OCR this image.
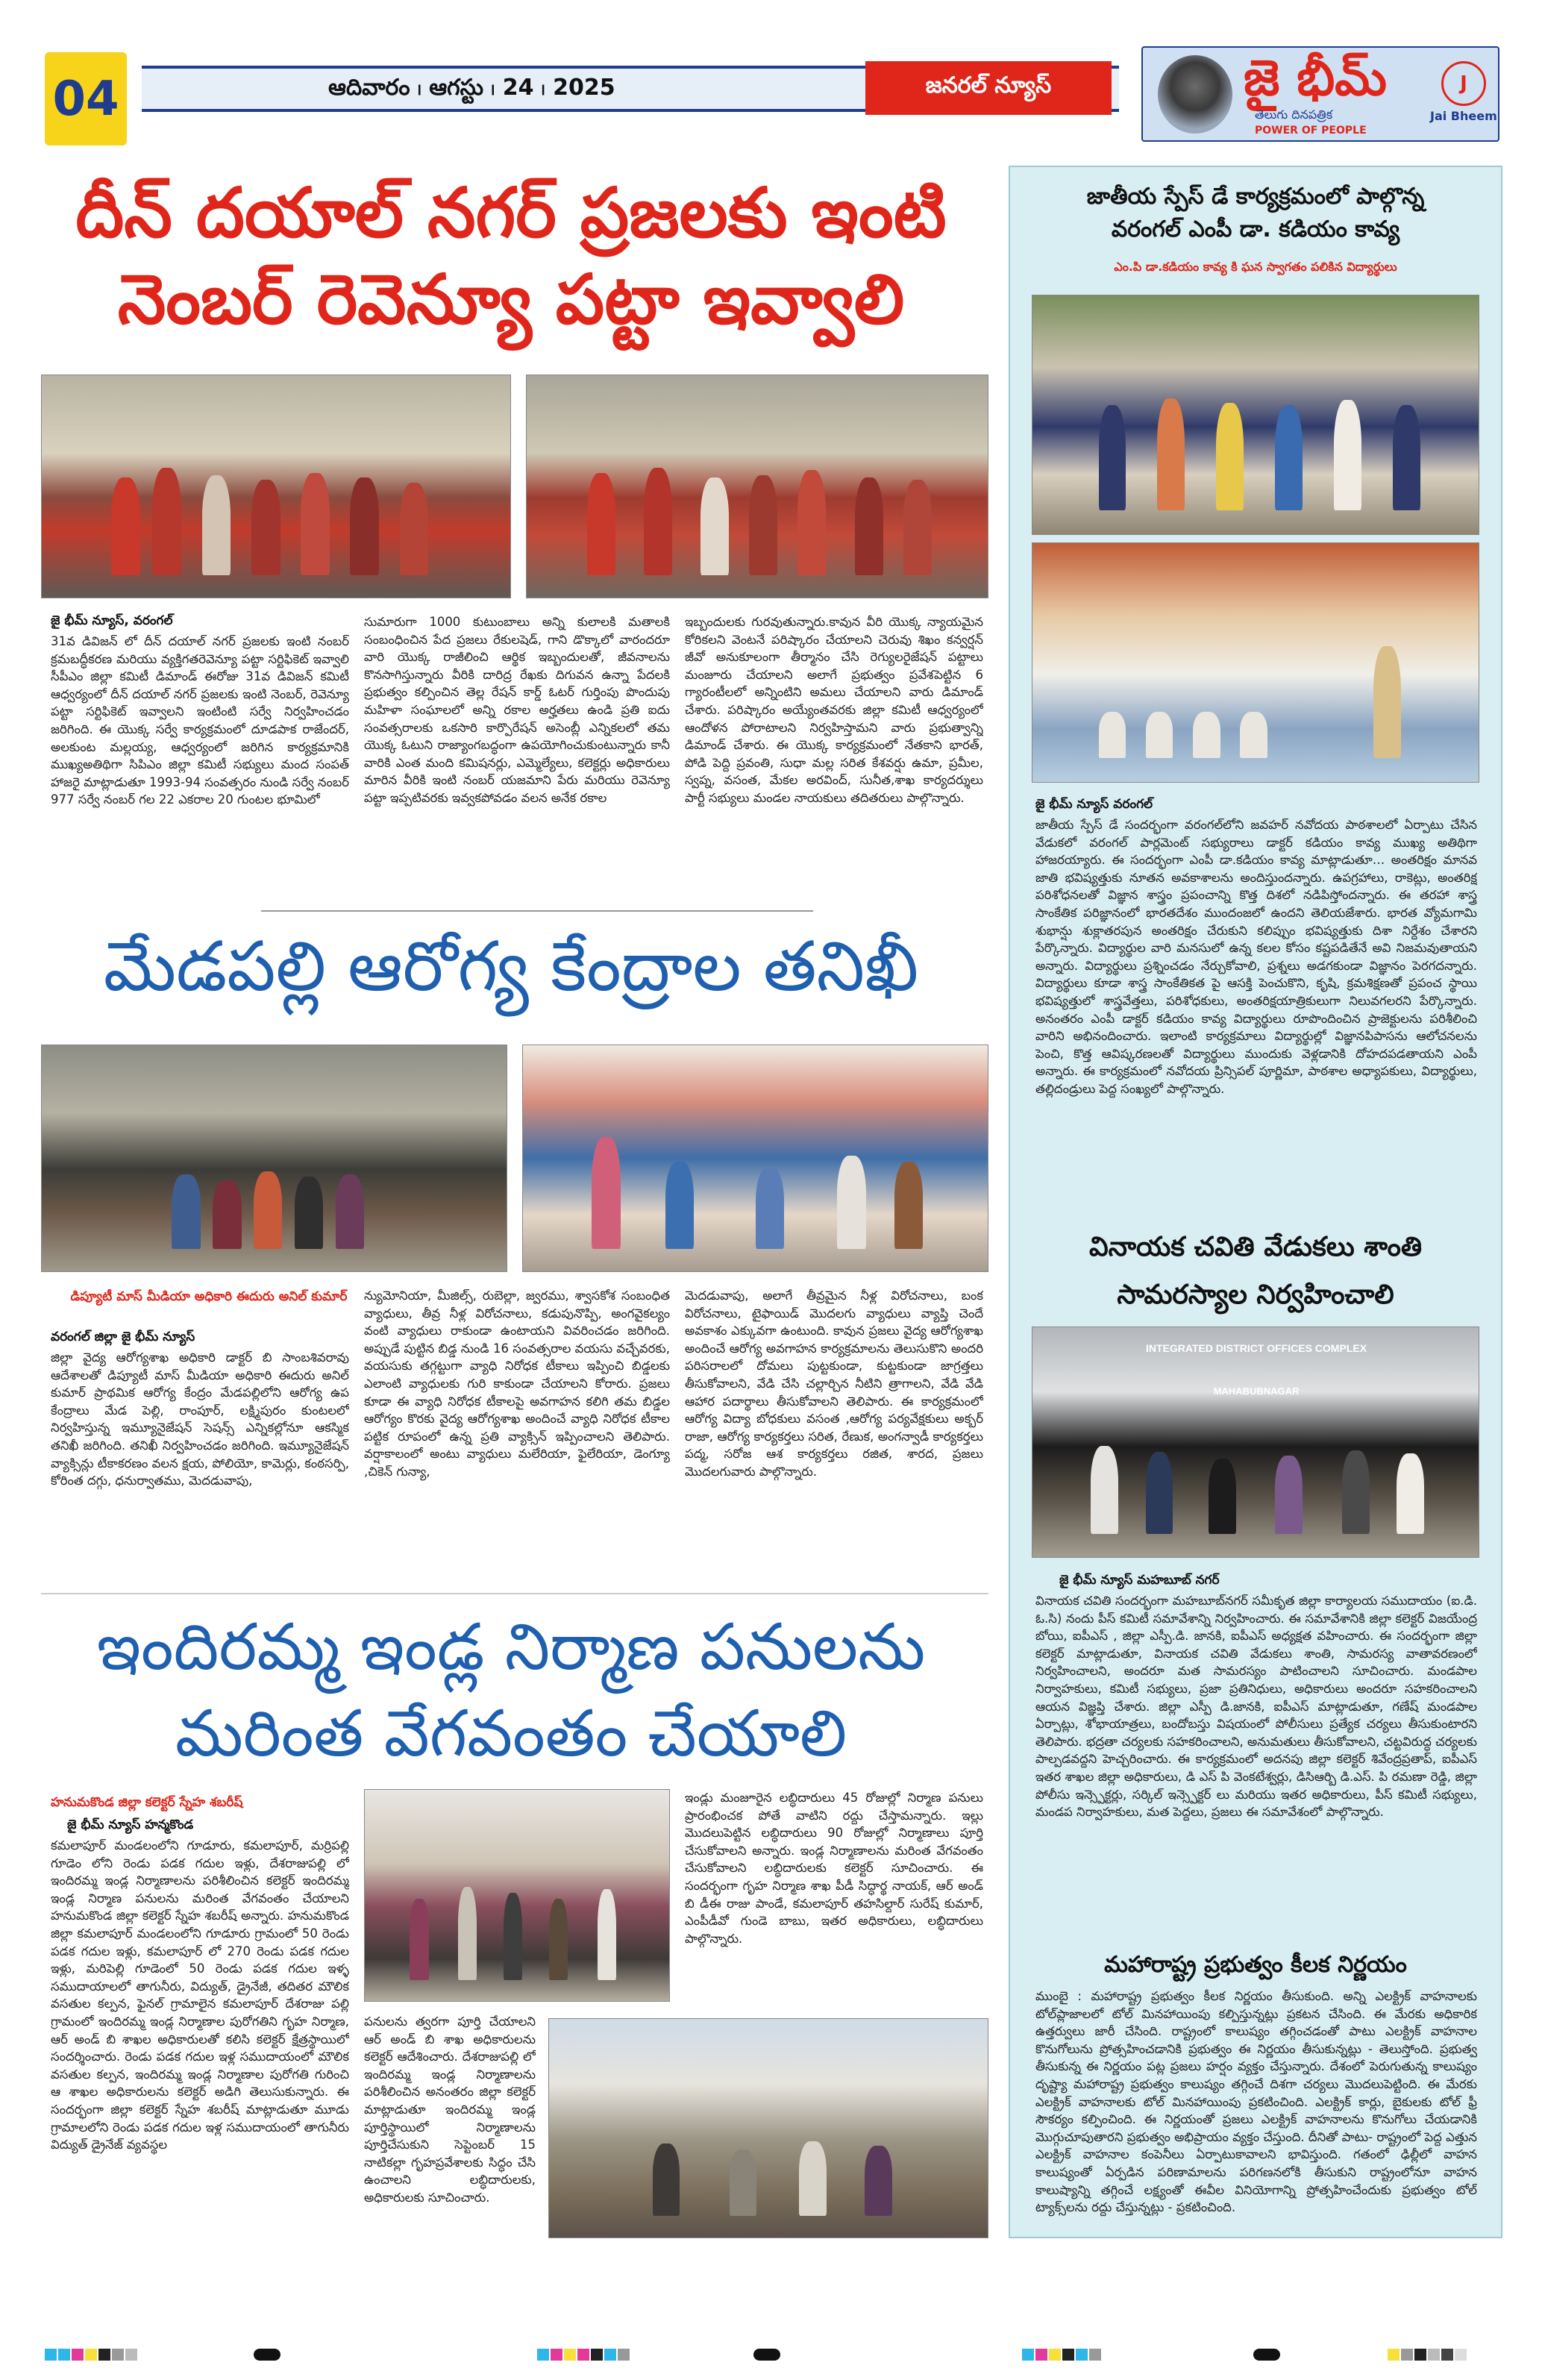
04	ఆదివారం ၊ ఆగస్టు ၊ 24 ၊ 2025	జనరల్ న్యూస్	జై భీమ్
తెలుగు దినపత్రిక
POWER OF PEOPLE
J
Jai Bheem
దీన్ దయాల్ నగర్ ప్రజలకు ఇంటి
నెంబర్ రెవెన్యూ పట్టా ఇవ్వాలి
జై భీమ్ న్యూస్, వరంగల్
31వ డివిజన్ లో దీన్ దయాల్ నగర్ ప్రజలకు ఇంటి నంబర్ క్రమబద్ధీకరణ మరియు వ్యక్తిగతరెవెన్యూ పట్టా సర్టిఫికెట్ ఇవ్వాలి సీపీఎం జిల్లా కమిటీ డిమాండ్ ఈరోజు 31వ డివిజన్ కమిటీ ఆధ్వర్యంలో దీన్ దయాల్ నగర్ ప్రజలకు ఇంటి నెంబర్, రెవెన్యూ పట్టా సర్టిఫికెట్ ఇవ్వాలని ఇంటింటి సర్వే నిర్వహించడం జరిగింది. ఈ యొక్క సర్వే కార్యక్రమంలో దూడపాక రాజేందర్, అలకుంట మల్లయ్య, ఆధ్వర్యంలో జరిగిన కార్యక్రమానికి ముఖ్యఅతిథిగా సిపిఎం జిల్లా కమిటీ సభ్యులు మంద సంపత్ హాజరై మాట్లాడుతూ 1993-94 సంవత్సరం నుండి సర్వే నంబర్ 977 సర్వే నంబర్ గల 22 ఎకరాల 20 గుంటల భూమిలో
సుమారుగా 1000 కుటుంబాలు అన్ని కులాలకి మతాలకి సంబంధించిన పేద ప్రజలు రేకులషెడ్, గాని డొక్కాలో వారందరూ వారి యొక్క రాజీలించి ఆర్థిక ఇబ్బందులతో, జీవనాలను కొనసాగిస్తున్నారు వీరికి దారిద్ర రేఖకు దిగువన ఉన్నా పేదలకి ప్రభుత్వం కల్పించిన తెల్ల రేషన్ కార్డ్ ఓటర్ గుర్తింపు పొందుపు మహిళా సంఘాలలో అన్ని రకాల అర్హతలు ఉండి ప్రతి ఐదు సంవత్సరాలకు ఒకసారి కార్పొరేషన్ అసెంబ్లీ ఎన్నికలలో తమ యొక్క ఓటుని రాజ్యాంగబద్ధంగా ఉపయోగించుకుంటున్నారు కానీ వారికి ఎంత మంది కమిషనర్లు, ఎమ్మెల్యేలు, కలెక్టర్లు అధికారులు మారిన వీరికి ఇంటి నంబర్ యజమాని పేరు మరియు రెవెన్యూ పట్టా ఇప్పటివరకు ఇవ్వకపోవడం వలన అనేక రకాల
ఇబ్బందులకు గురవుతున్నారు.కావున వీరి యొక్క న్యాయమైన కోరికలని వెంటనే పరిష్కారం చేయాలని చెరువు శిఖం కన్వర్షన్ జీవో అనుకూలంగా తీర్మానం చేసి రెగ్యులరైజేషన్ పట్టాలు మంజూరు చేయాలని అలాగే ప్రభుత్వం ప్రవేశపెట్టిన 6 గ్యారంటీలలో అన్నింటిని అమలు చేయాలని వారు డిమాండ్ చేశారు. పరిష్కారం అయ్యేంతవరకు జిల్లా కమిటీ ఆధ్వర్యంలో ఆందోళన పోరాటాలని నిర్వహిస్తామని వారు ప్రభుత్వాన్ని డిమాండ్ చేశారు. ఈ యొక్క కార్యక్రమంలో నేతకాని భారత్, పోడి పెద్ది ప్రవంతి, సుధా మల్ల సరిత కేశవర్షు ఉమా, ప్రమీల, స్వప్న, వసంత, మేకల అరవింద్, సునీత,శాఖ కార్యదర్శులు పార్టీ సభ్యులు మండల నాయకులు తదితరులు పాల్గొన్నారు.
మేడపల్లి ఆరోగ్య కేంద్రాల తనిఖీ
డిప్యూటీ మాస్ మీడియా అధికారి ఈదురు అనిల్ కుమార్
వరంగల్ జిల్లా జై భీమ్ న్యూస్
జిల్లా వైద్య ఆరోగ్యశాఖ అధికారి డాక్టర్ బి సాంబశివరావు ఆదేశాలతో డిప్యూటీ మాస్ మీడియా అధికారి ఈదురు అనిల్ కుమార్ ప్రాథమిక ఆరోగ్య కేంద్రం మేడపల్లిలోని ఆరోగ్య ఉప కేంద్రాలు మేడ పెల్లి, రాంపూర్, లక్ష్మిపురం కుంటలలో నిర్వహిస్తున్న ఇమ్యూనైజేషన్ సెషన్స్ ఎన్నికల్లోనూ ఆకస్మిక తనిఖీ జరిగింది. తనిఖీ నిర్వహించడం జరిగింది. ఇమ్యూనైజేషన్ వ్యాక్సిన్లు టీకాకరణం వలన క్షయ, పోలియో, కామెర్లు, కంఠసర్పి, కోరింత దగ్గు, ధనుర్వాతము, మెదడువాపు,
న్యుమోనియా, మీజిల్స్, రుబెల్లా, జ్వరము, శ్వాసకోశ సంబంధిత వ్యాధులు, తీవ్ర నీళ్ల విరోచనాలు, కడుపునొప్పి, అంగవైకల్యం వంటి వ్యాధులు రాకుండా ఉంటాయని వివరించడం జరిగింది. అప్పుడే పుట్టిన బిడ్డ నుండి 16 సంవత్సరాల వయసు వచ్చేవరకు, వయసుకు తగ్గట్టుగా వ్యాధి నిరోధక టీకాలు ఇప్పించి బిడ్డలకు ఎలాంటి వ్యాధులకు గురి కాకుండా చేయాలని కోరారు. ప్రజలు కూడా ఈ వ్యాధి నిరోధక టీకాలపై అవగాహన కలిగి తమ బిడ్డల ఆరోగ్యం కొరకు వైద్య ఆరోగ్యశాఖ అందించే వ్యాధి నిరోధక టీకాల పట్టిక రూపంలో ఉన్న ప్రతి వ్యాక్సిన్ ఇప్పించాలని తెలిపారు. వర్షాకాలంలో అంటు వ్యాధులు మలేరియా, ఫైలేరియా, డెంగ్యూ ,చికెన్ గున్యా,
మెదడువాపు, అలాగే తీవ్రమైన నీళ్ల విరోచనాలు, బంక విరోచనాలు, టైఫాయిడ్ మొదలగు వ్యాధులు వ్యాప్తి చెందే అవకాశం ఎక్కువగా ఉంటుంది. కావున ప్రజలు వైద్య ఆరోగ్యశాఖ అందించే ఆరోగ్య అవగాహన కార్యక్రమాలను తెలుసుకొని అందరి పరిసరాలలో దోమలు పుట్టకుండా, కుట్టకుండా జాగ్రత్తలు తీసుకోవాలని, వేడి చేసి చల్లార్చిన నీటిని త్రాగాలని, వేడి వేడి ఆహార పదార్థాలు తీసుకోవాలని తెలిపారు. ఈ కార్యక్రమంలో ఆరోగ్య విద్యా బోధకులు వసంత ,ఆరోగ్య పర్యవేక్షకులు అక్బర్ రాజా, ఆరోగ్య కార్యకర్తలు సరిత, రేణుక, అంగన్వాడీ కార్యకర్తలు పద్మ, సరోజ ఆశ కార్యకర్తలు రజిత, శారద, ప్రజలు మొదలగువారు పాల్గొన్నారు.
ఇందిరమ్మ ఇండ్ల నిర్మాణ పనులను
మరింత వేగవంతం చేయాలి
హనుమకొండ జిల్లా కలెక్టర్ స్నేహ శబరీష్
జై భీమ్ న్యూస్ హన్మకొండ
కమలాపూర్ మండలంలోని గూడూరు, కమలాపూర్, మర్రిపల్లి గూడెం లోని రెండు పడక గదుల ఇళ్లు, దేశరాజుపల్లి లో ఇందిరమ్మ ఇండ్ల నిర్మాణాలను పరిశీలించిన కలెక్టర్ ఇందిరమ్మ ఇండ్ల నిర్మాణ పనులను మరింత వేగవంతం చేయాలని హనుమకొండ జిల్లా కలెక్టర్ స్నేహ శబరీష్ అన్నారు. హనుమకొండ జిల్లా కమలాపూర్ మండలంలోని గూడూరు గ్రామంలో 50 రెండు పడక గదుల ఇళ్లు, కమలాపూర్ లో 270 రెండు పడక గదుల ఇళ్లు, మరిపెల్లి గూడెంలో 50 రెండు పడక గదుల ఇళ్ళ సముదాయాలలో తాగునీరు, విద్యుత్, డ్రైనేజీ, తదితర మౌలిక వసతుల కల్పన, ఫైనల్ గ్రామాలైన కమలాపూర్ దేశరాజు పల్లి గ్రామంలో ఇందిరమ్మ ఇండ్ల నిర్మాణాల పురోగతిని గృహ నిర్మాణ, ఆర్ అండ్ బి శాఖల అధికారులతో కలిసి కలెక్టర్ క్షేత్రస్థాయిలో సందర్శించారు. రెండు పడక గదుల ఇళ్ల సముదాయంలో మౌలిక వసతుల కల్పన, ఇందిరమ్మ ఇండ్ల నిర్మాణాల పురోగతి గురించి ఆ శాఖల అధికారులను కలెక్టర్ అడిగి తెలుసుకున్నారు. ఈ సందర్భంగా జిల్లా కలెక్టర్ స్నేహ శబరీష్ మాట్లాడుతూ మూడు గ్రామాలలోని రెండు పడక గదుల ఇళ్ల సముదాయంలో తాగునీరు విద్యుత్ డ్రైనేజ్ వ్యవస్థల
పనులను త్వరగా పూర్తి చేయాలని ఆర్ అండ్ బి శాఖ అధికారులను కలెక్టర్ ఆదేశించారు. దేశరాజుపల్లి లో ఇందిరమ్మ ఇండ్ల నిర్మాణాలను పరిశీలించిన అనంతరం జిల్లా కలెక్టర్ మాట్లాడుతూ ఇందిరమ్మ ఇండ్ల పూర్తిస్థాయిలో నిర్మాణాలను పూర్తిచేసుకుని సెప్టెంబర్ 15 నాటికల్లా గృహప్రవేశాలకు సిద్ధం చేసి ఉంచాలని లబ్ధిదారులకు, అధికారులకు సూచించారు.
ఇండ్లు మంజూరైన లబ్ధిదారులు 45 రోజుల్లో నిర్మాణ పనులు ప్రారంభించక పోతే వాటిని రద్దు చేస్తామన్నారు. ఇల్లు మొదలుపెట్టిన లబ్ధిదారులు 90 రోజుల్లో నిర్మాణాలు పూర్తి చేసుకోవాలని అన్నారు. ఇండ్ల నిర్మాణాలను మరింత వేగవంతం చేసుకోవాలని లబ్ధిదారులకు కలెక్టర్ సూచించారు. ఈ సందర్భంగా గృహ నిర్మాణ శాఖ పీడీ సిద్ధార్థ నాయక్, ఆర్ అండ్ బి డీఈ రాజు పాండే, కమలాపూర్ తహసిల్దార్ సురేష్ కుమార్, ఎంపీడీవో గుండె బాబు, ఇతర అధికారులు, లబ్ధిదారులు పాల్గొన్నారు.
జాతీయ స్పేస్ డే కార్యక్రమంలో పాల్గొన్న
వరంగల్ ఎంపీ డా. కడియం కావ్య
ఎం.పి డా.కడియం కావ్య కి ఘన స్వాగతం పలికిన విద్యార్థులు
జై భీమ్ న్యూస్ వరంగల్
జాతీయ స్పేస్ డే సందర్భంగా వరంగల్‌లోని జవహర్ నవోదయ పాఠశాలలో ఏర్పాటు చేసిన వేడుకలో వరంగల్ పార్లమెంట్ సభ్యురాలు డాక్టర్ కడియం కావ్య ముఖ్య అతిథిగా హాజరయ్యారు. ఈ సందర్భంగా ఎంపీ డా.కడియం కావ్య మాట్లాడుతూ… అంతరిక్షం మానవ జాతి భవిష్యత్తుకు నూతన అవకాశాలను అందిస్తుందన్నారు. ఉపగ్రహాలు, రాకెట్లు, అంతరిక్ష పరిశోధనలతో విజ్ఞాన శాస్త్రం ప్రపంచాన్ని కొత్త దిశలో నడిపిస్తోందన్నారు. ఈ తరహా శాస్త్ర సాంకేతిక పరిజ్ఞానంలో భారతదేశం ముందంజలో ఉందని తెలియజేశారు. భారత వ్యోమగామి శుభాన్షు శుక్లాతరపున అంతరిక్షం చేరుకుని కలిప్పుం భవిష్యత్తుకు దిశా నిర్దేశం చేశారని పేర్కొన్నారు. విద్యార్థుల వారి మనసులో ఉన్న కలల కోసం కష్టపడితేనే అవి నిజమవుతాయని అన్నారు. విద్యార్థులు ప్రశ్నించడం నేర్చుకోవాలి, ప్రశ్నలు అడగకుండా విజ్ఞానం పెరగదన్నారు. విద్యార్థులు కూడా శాస్త్ర సాంకేతికత పై ఆసక్తి పెంచుకొని, కృషి, క్రమశిక్షణతో ప్రపంచ స్థాయి భవిష్యత్తులో శాస్త్రవేత్తలు, పరిశోధకులు, అంతరిక్షయాత్రికులుగా నిలువగలరని పేర్కొన్నారు. అనంతరం ఎంపీ డాక్టర్ కడియం కావ్య విద్యార్థులు రూపొందించిన ప్రాజెక్టులను పరిశీలించి వారిని అభినందించారు. ఇలాంటి కార్యక్రమాలు విద్యార్థుల్లో విజ్ఞానపిపాసను ఆలోచనలను పెంచి, కొత్త ఆవిష్కరణలతో విద్యార్థులు ముందుకు వెళ్లడానికి దోహదపడతాయని ఎంపీ అన్నారు. ఈ కార్యక్రమంలో నవోదయ ప్రిన్సిపల్ పూర్ణిమా, పాఠశాల అధ్యాపకులు, విద్యార్థులు, తల్లిదండ్రులు పెద్ద సంఖ్యలో పాల్గొన్నారు.
వినాయక చవితి వేడుకలు శాంతి
సామరస్యాల నిర్వహించాలి
INTEGRATED DISTRICT OFFICES COMPLEX
MAHABUBNAGAR
జై భీమ్ న్యూస్ మహబూబ్ నగర్
వినాయక చవితి సందర్భంగా మహబూబ్‌నగర్ సమీకృత జిల్లా కార్యాలయ సముదాయం (ఐ.డి. ఓ.సి) నందు పీస్ కమిటీ సమావేశాన్ని నిర్వహించారు. ఈ సమావేశానికి జిల్లా కలెక్టర్ విజయేంద్ర బోయి, ఐపీఎస్ , జిల్లా ఎస్పీ.డి. జానకి, ఐపీఎస్ అధ్యక్షత వహించారు. ఈ సందర్భంగా జిల్లా కలెక్టర్ మాట్లాడుతూ, వినాయక చవితి వేడుకలు శాంతి, సామరస్య వాతావరణంలో నిర్వహించాలని, అందరూ మత సామరస్యం పాటించాలని సూచించారు. మండపాల నిర్వాహకులు, కమిటీ సభ్యులు, ప్రజా ప్రతినిధులు, అధికారులు అందరూ సహకరించాలని ఆయన విజ్ఞప్తి చేశారు. జిల్లా ఎస్పీ డి.జానకి, ఐపీఎస్ మాట్లాడుతూ, గణేష్ మండపాల ఏర్పాట్లు, శోభాయాత్రలు, బందోబస్తు విషయంలో పోలీసులు ప్రత్యేక చర్యలు తీసుకుంటారని తెలిపారు. భద్రతా చర్యలకు సహకరించాలని, అనుమతులు తీసుకోవాలని, చట్టవిరుద్ధ చర్యలకు పాల్పడవద్దని హెచ్చరించారు. ఈ కార్యక్రమంలో అదనపు జిల్లా కలెక్టర్ శివేంద్రప్రతాప్, ఐపీఎస్ ఇతర శాఖల జిల్లా అధికారులు, డి ఎస్ పి వెంకటేశ్వర్లు, డిసిఆర్బి డి.ఎస్. పి రమణా రెడ్డి, జిల్లా పోలీసు ఇన్స్పెక్టర్లు, సర్కిల్ ఇన్స్పెక్టర్ లు మరియు ఇతర అధికారులు, పీస్ కమిటీ సభ్యులు, మండప నిర్వాహకులు, మత పెద్దలు, ప్రజలు ఈ సమావేశంలో పాల్గొన్నారు.
మహారాష్ట్ర ప్రభుత్వం కీలక నిర్ణయం
ముంబై : మహారాష్ట్ర ప్రభుత్వం కీలక నిర్ణయం తీసుకుంది. అన్ని ఎలక్ట్రిక్ వాహనాలకు టోల్‌ప్లాజాలలో టోల్ మినహాయింపు కల్పిస్తున్నట్లు ప్రకటన చేసింది. ఈ మేరకు అధికారిక ఉత్తర్వులు జారీ చేసింది. రాష్ట్రంలో కాలుష్యం తగ్గించడంతో పాటు ఎలక్ట్రిక్ వాహనాల కొనుగోలును ప్రోత్సహించడానికి ప్రభుత్వం ఈ నిర్ణయం తీసుకున్నట్లు - తెలుస్తోంది. ప్రభుత్వ తీసుకున్న ఈ నిర్ణయం పట్ల ప్రజలు హర్షం వ్యక్తం చేస్తున్నారు. దేశంలో పెరుగుతున్న కాలుష్యం దృష్ట్యా మహారాష్ట్ర ప్రభుత్వం కాలుష్యం తగ్గించే దిశగా చర్యలు మొదలుపెట్టింది. ఈ మేరకు ఎలక్ట్రిక్ వాహనాలకు టోల్ మినహాయింపు ప్రకటించింది. ఎలక్ట్రిక్ కార్లు, బైకులకు టోల్ ఫ్రీ సౌకర్యం కల్పించింది. ఈ నిర్ణయంతో ప్రజలు ఎలక్ట్రిక్ వాహనాలను కొనుగోలు చేయడానికి మొగ్గుచూపుతారని ప్రభుత్వం అభిప్రాయం వ్యక్తం చేస్తుంది. దీనితో పాటు- రాష్ట్రంలో పెద్ద ఎత్తున ఎలక్ట్రిక్ వాహనాల కంపెనీలు ఏర్పాటుకావాలని భావిస్తుంది. గతంలో ఢిల్లీలో వాహన కాలుష్యంతో ఏర్పడిన పరిణామాలను పరిగణనలోకి తీసుకుని రాష్ట్రంలోనూ వాహన కాలుష్యాన్ని తగ్గించే లక్ష్యంతో ఈవీల వినియోగాన్ని ప్రోత్సహించేందుకు ప్రభుత్వం టోల్ ట్యాక్స్‌లను రద్దు చేస్తున్నట్లు - ప్రకటించింది.
